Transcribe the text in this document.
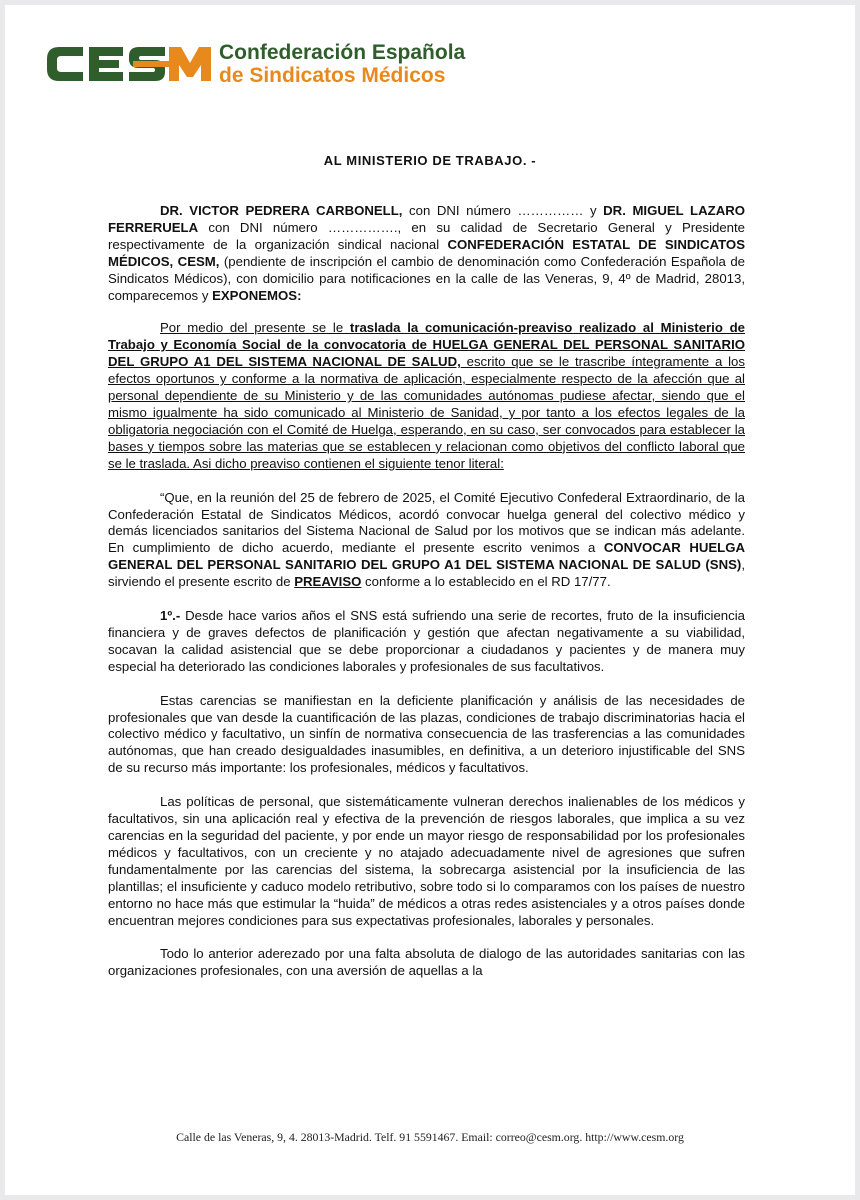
Confederación Española
de Sindicatos Médicos
AL MINISTERIO DE TRABAJO. -

DR. VICTOR PEDRERA CARBONELL, con DNI número …………… y DR. MIGUEL LAZARO FERRERUELA con DNI número ……………., en su calidad de Secretario General y Presidente respectivamente de la organización sindical nacional CONFEDERACIÓN ESTATAL DE SINDICATOS MÉDICOS, CESM, (pendiente de inscripción el cambio de denominación como Confederación Española de Sindicatos Médicos), con domicilio para notificaciones en la calle de las Veneras, 9, 4º de Madrid, 28013, comparecemos y EXPONEMOS:

Por medio del presente se le traslada la comunicación-preaviso realizado al Ministerio de Trabajo y Economía Social de la convocatoria de HUELGA GENERAL DEL PERSONAL SANITARIO DEL GRUPO A1 DEL SISTEMA NACIONAL DE SALUD, escrito que se le trascribe íntegramente a los efectos oportunos y conforme a la normativa de aplicación, especialmente respecto de la afección que al personal dependiente de su Ministerio y de las comunidades autónomas pudiese afectar, siendo que el mismo igualmente ha sido comunicado al Ministerio de Sanidad, y por tanto a los efectos legales de la obligatoria negociación con el Comité de Huelga, esperando, en su caso, ser convocados para establecer la bases y tiempos sobre las materias que se establecen y relacionan como objetivos del conflicto laboral que se le traslada. Asi dicho preaviso contienen el siguiente tenor literal:

“Que, en la reunión del 25 de febrero de 2025, el Comité Ejecutivo Confederal Extraordinario, de la Confederación Estatal de Sindicatos Médicos, acordó convocar huelga general del colectivo médico y demás licenciados sanitarios del Sistema Nacional de Salud por los motivos que se indican más adelante. En cumplimiento de dicho acuerdo, mediante el presente escrito venimos a CONVOCAR HUELGA GENERAL DEL PERSONAL SANITARIO DEL GRUPO A1 DEL SISTEMA NACIONAL DE SALUD (SNS), sirviendo el presente escrito de PREAVISO conforme a lo establecido en el RD 17/77.

1º.- Desde hace varios años el SNS está sufriendo una serie de recortes, fruto de la insuficiencia financiera y de graves defectos de planificación y gestión que afectan negativamente a su viabilidad, socavan la calidad asistencial que se debe proporcionar a ciudadanos y pacientes y de manera muy especial ha deteriorado las condiciones laborales y profesionales de sus facultativos.

Estas carencias se manifiestan en la deficiente planificación y análisis de las necesidades de profesionales que van desde la cuantificación de las plazas, condiciones de trabajo discriminatorias hacia el colectivo médico y facultativo, un sinfín de normativa consecuencia de las trasferencias a las comunidades autónomas, que han creado desigualdades inasumibles, en definitiva, a un deterioro injustificable del SNS de su recurso más importante: los profesionales, médicos y facultativos.

Las políticas de personal, que sistemáticamente vulneran derechos inalienables de los médicos y facultativos, sin una aplicación real y efectiva de la prevención de riesgos laborales, que implica a su vez carencias en la seguridad del paciente, y por ende un mayor riesgo de responsabilidad por los profesionales médicos y facultativos, con un creciente y no atajado adecuadamente nivel de agresiones que sufren fundamentalmente por las carencias del sistema, la sobrecarga asistencial por la insuficiencia de las plantillas; el insuficiente y caduco modelo retributivo, sobre todo si lo comparamos con los países de nuestro entorno no hace más que estimular la “huida” de médicos a otras redes asistenciales y a otros países donde encuentran mejores condiciones para sus expectativas profesionales, laborales y personales.

Todo lo anterior aderezado por una falta absoluta de dialogo de las autoridades sanitarias con las organizaciones profesionales, con una aversión de aquellas a la

Calle de las Veneras, 9, 4. 28013-Madrid. Telf. 91 5591467. Email: correo@cesm.org. http://www.cesm.org
